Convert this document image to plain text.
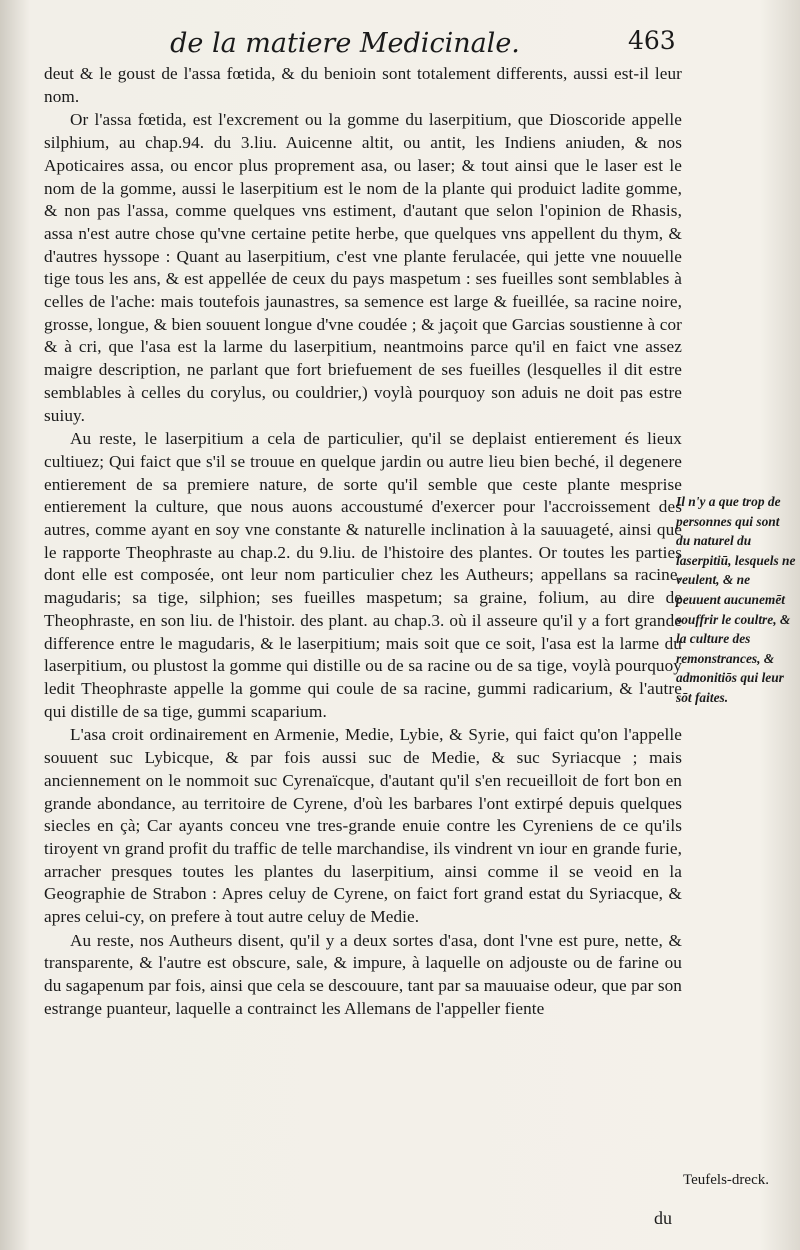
de la matiere Medicinale.	463

deut & le goust de l'assa fœtida, & du benioin sont totalement differents, aussi est-il leur nom.

Or l'assa fœtida, est l'excrement ou la gomme du laserpitium, que Dioscoride appelle silphium, au chap.94. du 3.liu. Auicenne altit, ou antit, les Indiens aniuden, & nos Apoticaires assa, ou encor plus proprement asa, ou laser; & tout ainsi que le laser est le nom de la gomme, aussi le laserpitium est le nom de la plante qui produict ladite gomme, & non pas l'assa, comme quelques vns estiment, d'autant que selon l'opinion de Rhasis, assa n'est autre chose qu'vne certaine petite herbe, que quelques vns appellent du thym, & d'autres hyssope : Quant au laserpitium, c'est vne plante ferulacée, qui jette vne nouuelle tige tous les ans, & est appellée de ceux du pays maspetum : ses fueilles sont semblables à celles de l'ache: mais toutefois jaunastres, sa semence est large & fueillée, sa racine noire, grosse, longue, & bien souuent longue d'vne coudée ; & jaçoit que Garcias soustienne à cor & à cri, que l'asa est la larme du laserpitium, neantmoins parce qu'il en faict vne assez maigre description, ne parlant que fort briefuement de ses fueilles (lesquelles il dit estre semblables à celles du corylus, ou couldrier,) voylà pourquoy son aduis ne doit pas estre suiuy.

Au reste, le laserpitium a cela de particulier, qu'il se deplaist entierement és lieux cultiuez; Qui faict que s'il se trouue en quelque jardin ou autre lieu bien beché, il degenere entierement de sa premiere nature, de sorte qu'il semble que ceste plante mesprise entierement la culture, que nous auons accoustumé d'exercer pour l'accroissement des autres, comme ayant en soy vne constante & naturelle inclination à la sauuageté, ainsi que le rapporte Theophraste au chap.2. du 9.liu. de l'histoire des plantes. Or toutes les parties dont elle est composée, ont leur nom particulier chez les Autheurs; appellans sa racine, magudaris; sa tige, silphion; ses fueilles maspetum; sa graine, folium, au dire de Theophraste, en son liu. de l'histoir. des plant. au chap.3. où il asseure qu'il y a fort grande difference entre le magudaris, & le laserpitium; mais soit que ce soit, l'asa est la larme du laserpitium, ou plustost la gomme qui distille ou de sa racine ou de sa tige, voylà pourquoy ledit Theophraste appelle la gomme qui coule de sa racine, gummi radicarium, & l'autre qui distille de sa tige, gummi scaparium.

L'asa croit ordinairement en Armenie, Medie, Lybie, & Syrie, qui faict qu'on l'appelle souuent suc Lybicque, & par fois aussi suc de Medie, & suc Syriacque ; mais anciennement on le nommoit suc Cyrenaïcque, d'autant qu'il s'en recueilloit de fort bon en grande abondance, au territoire de Cyrene, d'où les barbares l'ont extirpé depuis quelques siecles en çà; Car ayants conceu vne tres-grande enuie contre les Cyreniens de ce qu'ils tiroyent vn grand profit du traffic de telle marchandise, ils vindrent vn iour en grande furie, arracher presques toutes les plantes du laserpitium, ainsi comme il se veoid en la Geographie de Strabon : Apres celuy de Cyrene, on faict fort grand estat du Syriacque, & apres celui-cy, on prefere à tout autre celuy de Medie.

Au reste, nos Autheurs disent, qu'il y a deux sortes d'asa, dont l'vne est pure, nette, & transparente, & l'autre est obscure, sale, & impure, à laquelle on adjouste ou de farine ou du sagapenum par fois, ainsi que cela se descouure, tant par sa mauuaise odeur, que par son estrange puanteur, laquelle a contrainct les Allemans de l'appeller fiente

Il n'y a que trop de personnes qui sont du naturel du laserpitiū, lesquels ne veulent, & ne peuuent aucunemēt souffrir le coultre, & la culture des remonstrances, & admonitiōs qui leur sōt faites.
Teufels-dreck.
du
